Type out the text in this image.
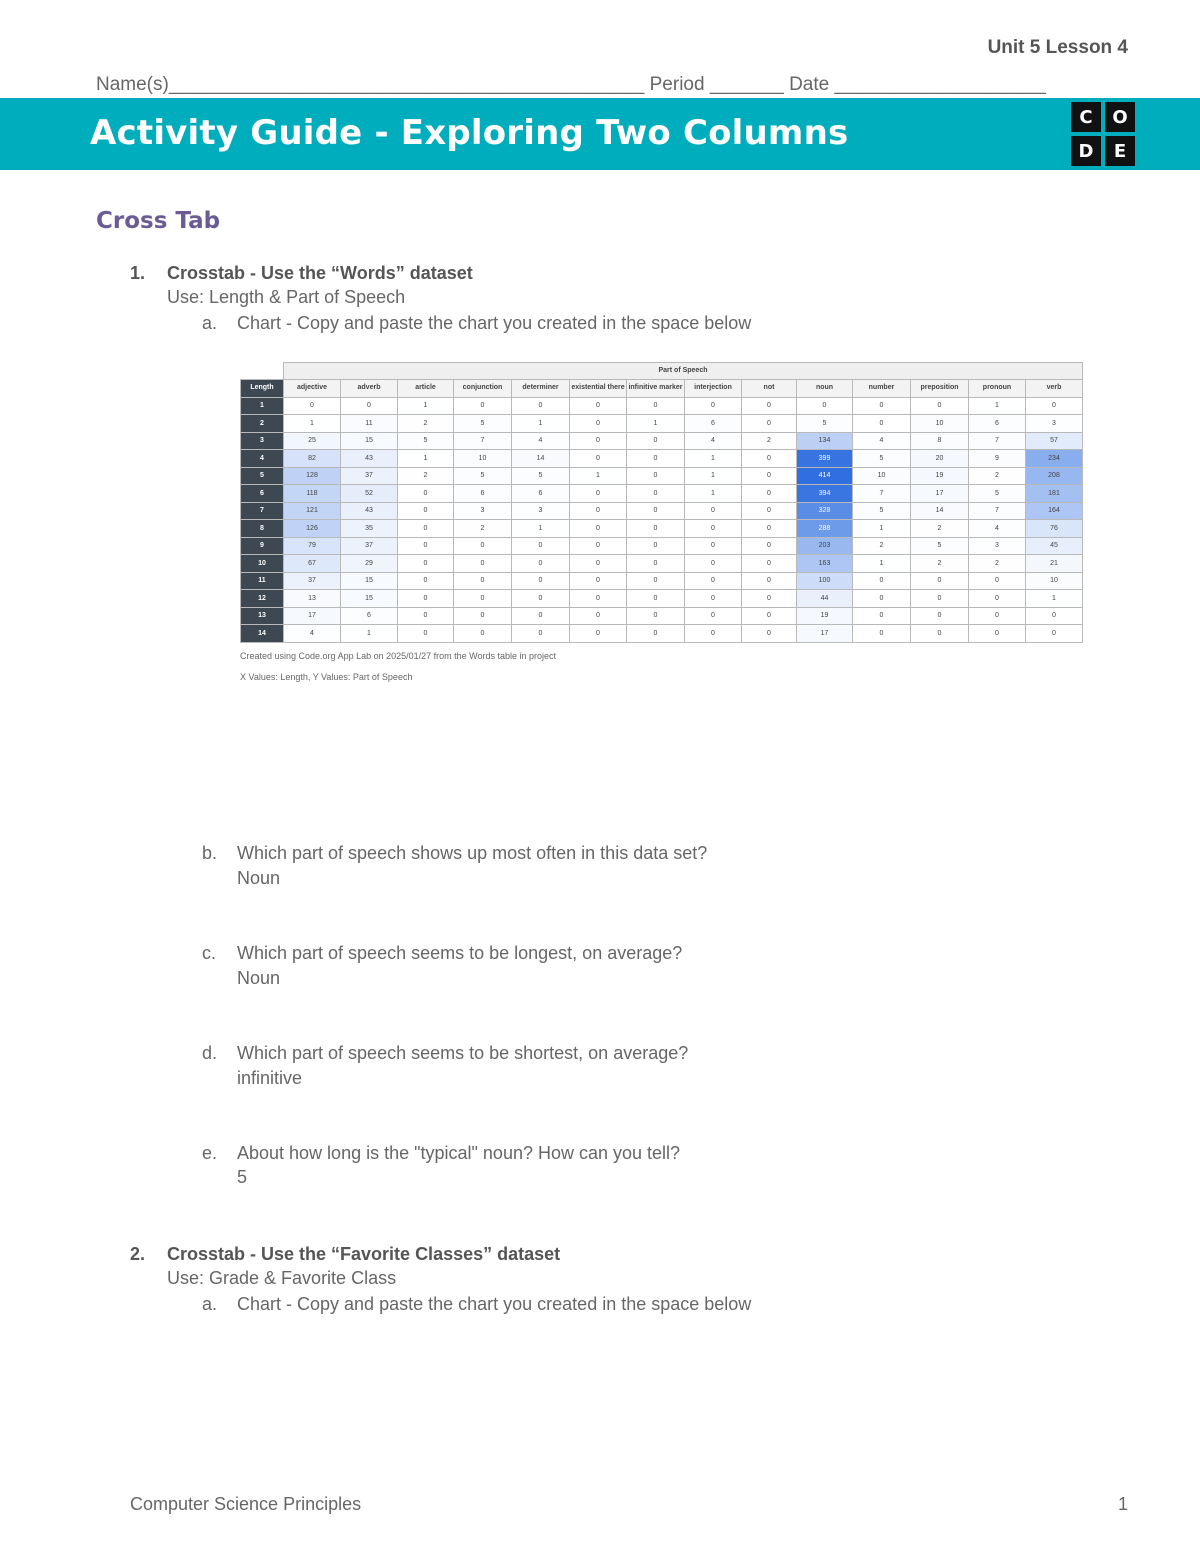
Unit 5 Lesson 4
Name(s)_____________________________________________ Period _______ Date ____________________
Activity Guide - Exploring Two Columns	C	O
D	E
Cross Tab
1. Crosstab - Use the “Words” dataset
Use: Length & Part of Speech
a. Chart - Copy and paste the chart you created in the space below
	Part of Speech													
Length	adjective	adverb	article	conjunction	determiner	existential there	infinitive marker	interjection	not	noun	number	preposition	pronoun	verb
1	0	0	1	0	0	0	0	0	0	0	0	0	1	0
2	1	11	2	5	1	0	1	6	0	5	0	10	6	3
3	25	15	5	7	4	0	0	4	2	134	4	8	7	57
4	82	43	1	10	14	0	0	1	0	399	5	20	9	234
5	128	37	2	5	5	1	0	1	0	414	10	19	2	208
6	118	52	0	6	6	0	0	1	0	394	7	17	5	181
7	121	43	0	3	3	0	0	0	0	328	5	14	7	164
8	126	35	0	2	1	0	0	0	0	288	1	2	4	76
9	79	37	0	0	0	0	0	0	0	203	2	5	3	45
10	67	29	0	0	0	0	0	0	0	163	1	2	2	21
11	37	15	0	0	0	0	0	0	0	100	0	0	0	10
12	13	15	0	0	0	0	0	0	0	44	0	0	0	1
13	17	6	0	0	0	0	0	0	0	19	0	0	0	0
14	4	1	0	0	0	0	0	0	0	17	0	0	0	0
Created using Code.org App Lab on 2025/01/27 from the Words table in project
X Values: Length, Y Values: Part of Speech
b. Which part of speech shows up most often in this data set?
Noun
c. Which part of speech seems to be longest, on average?
Noun
d. Which part of speech seems to be shortest, on average?
infinitive
e. About how long is the "typical" noun? How can you tell?
5
2. Crosstab - Use the “Favorite Classes” dataset
Use: Grade & Favorite Class
a. Chart - Copy and paste the chart you created in the space below
Computer Science Principles	1
